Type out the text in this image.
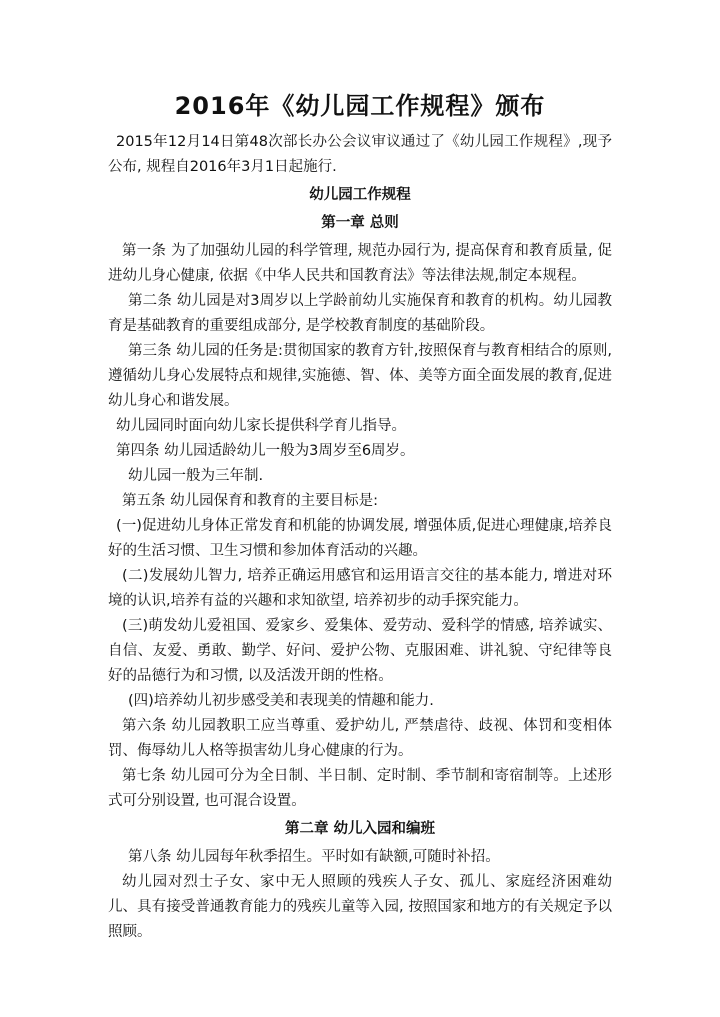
2016年《幼儿园工作规程》颁布

2015年12月14日第48次部长办公会议审议通过了《幼儿园工作规程》,现予公布, 规程自2016年3月1日起施行.

幼儿园工作规程
第一章 总则

第一条 为了加强幼儿园的科学管理, 规范办园行为, 提高保育和教育质量, 促进幼儿身心健康, 依据《中华人民共和国教育法》等法律法规,制定本规程。

第二条 幼儿园是对3周岁以上学龄前幼儿实施保育和教育的机构。幼儿园教育是基础教育的重要组成部分, 是学校教育制度的基础阶段。

第三条 幼儿园的任务是:贯彻国家的教育方针,按照保育与教育相结合的原则, 遵循幼儿身心发展特点和规律,实施德、智、体、美等方面全面发展的教育,促进幼儿身心和谐发展。

幼儿园同时面向幼儿家长提供科学育儿指导。

第四条 幼儿园适龄幼儿一般为3周岁至6周岁。

幼儿园一般为三年制.

第五条 幼儿园保育和教育的主要目标是:

(一)促进幼儿身体正常发育和机能的协调发展, 增强体质,促进心理健康,培养良好的生活习惯、卫生习惯和参加体育活动的兴趣。

(二)发展幼儿智力, 培养正确运用感官和运用语言交往的基本能力, 增进对环境的认识,培养有益的兴趣和求知欲望, 培养初步的动手探究能力。

(三)萌发幼儿爱祖国、爱家乡、爱集体、爱劳动、爱科学的情感, 培养诚实、自信、友爱、勇敢、勤学、好问、爱护公物、克服困难、讲礼貌、守纪律等良好的品德行为和习惯, 以及活泼开朗的性格。

(四)培养幼儿初步感受美和表现美的情趣和能力.

第六条 幼儿园教职工应当尊重、爱护幼儿, 严禁虐待、歧视、体罚和变相体罚、侮辱幼儿人格等损害幼儿身心健康的行为。

第七条 幼儿园可分为全日制、半日制、定时制、季节制和寄宿制等。上述形式可分别设置, 也可混合设置。

第二章 幼儿入园和编班

第八条 幼儿园每年秋季招生。平时如有缺额,可随时补招。

幼儿园对烈士子女、家中无人照顾的残疾人子女、孤儿、家庭经济困难幼儿、具有接受普通教育能力的残疾儿童等入园, 按照国家和地方的有关规定予以照顾。
